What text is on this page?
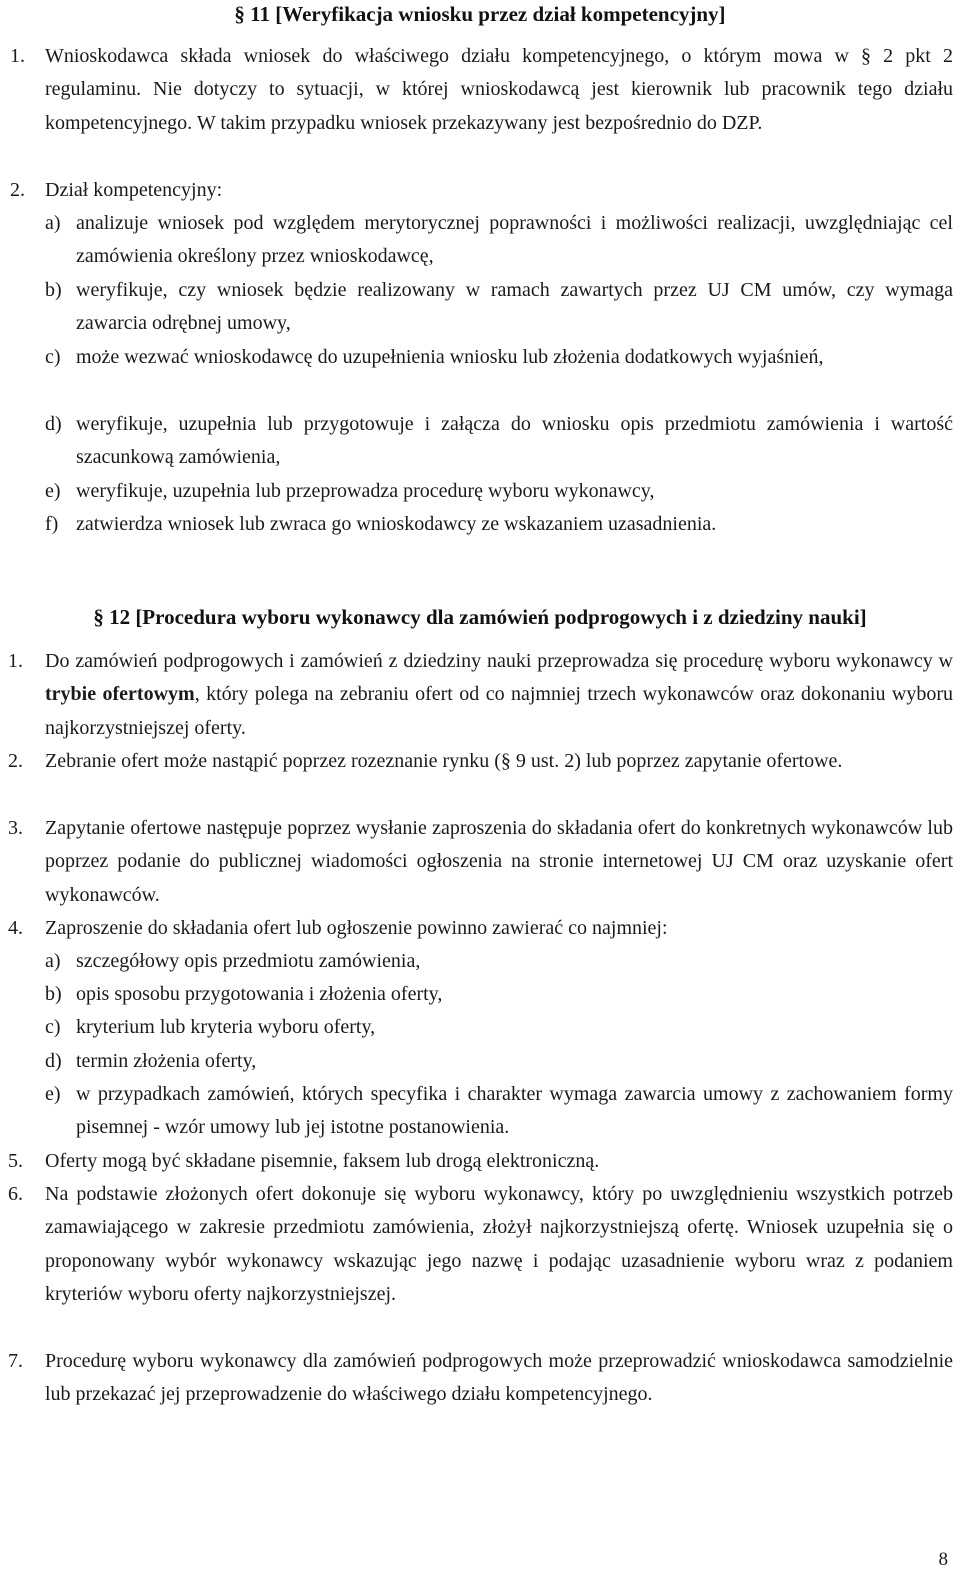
§ 11 [Weryfikacja wniosku przez dział kompetencyjny]
1.	Wnioskodawca składa wniosek do właściwego działu kompetencyjnego, o którym mowa w § 2 pkt 2 regulaminu. Nie dotyczy to sytuacji, w której wnioskodawcą jest kierownik lub pracownik tego działu kompetencyjnego. W takim przypadku wniosek przekazywany jest bezpośrednio do DZP.
2.	Dział kompetencyjny:
a) analizuje wniosek pod względem merytorycznej poprawności i możliwości realizacji, uwzględniając cel zamówienia określony przez wnioskodawcę,
b) weryfikuje, czy wniosek będzie realizowany w ramach zawartych przez UJ CM umów, czy wymaga zawarcia odrębnej umowy,
c) może wezwać wnioskodawcę do uzupełnienia wniosku lub złożenia dodatkowych wyjaśnień,
d) weryfikuje, uzupełnia lub przygotowuje i załącza do wniosku opis przedmiotu zamówienia i wartość szacunkową zamówienia,
e) weryfikuje, uzupełnia lub przeprowadza procedurę wyboru wykonawcy,
f) zatwierdza wniosek lub zwraca go wnioskodawcy ze wskazaniem uzasadnienia.
§ 12 [Procedura wyboru wykonawcy dla zamówień podprogowych i z dziedziny nauki]
1.	Do zamówień podprogowych i zamówień z dziedziny nauki przeprowadza się procedurę wyboru wykonawcy w trybie ofertowym, który polega na zebraniu ofert od co najmniej trzech wykonawców oraz dokonaniu wyboru najkorzystniejszej oferty.
2.	Zebranie ofert może nastąpić poprzez rozeznanie rynku (§ 9 ust. 2) lub poprzez zapytanie ofertowe.
3.	Zapytanie ofertowe następuje poprzez wysłanie zaproszenia do składania ofert do konkretnych wykonawców lub poprzez podanie do publicznej wiadomości ogłoszenia na stronie internetowej UJ CM oraz uzyskanie ofert wykonawców.
4.	Zaproszenie do składania ofert lub ogłoszenie powinno zawierać co najmniej:
a) szczegółowy opis przedmiotu zamówienia,
b) opis sposobu przygotowania i złożenia oferty,
c) kryterium lub kryteria wyboru oferty,
d) termin złożenia oferty,
e) w przypadkach zamówień, których specyfika i charakter wymaga zawarcia umowy z zachowaniem formy pisemnej - wzór umowy lub jej istotne postanowienia.
5.	Oferty mogą być składane pisemnie, faksem lub drogą elektroniczną.
6.	Na podstawie złożonych ofert dokonuje się wyboru wykonawcy, który po uwzględnieniu wszystkich potrzeb zamawiającego w zakresie przedmiotu zamówienia, złożył najkorzystniejszą ofertę. Wniosek uzupełnia się o proponowany wybór wykonawcy wskazując jego nazwę i podając uzasadnienie wyboru wraz z podaniem kryteriów wyboru oferty najkorzystniejszej.
7.	Procedurę wyboru wykonawcy dla zamówień podprogowych może przeprowadzić wnioskodawca samodzielnie lub przekazać jej przeprowadzenie do właściwego działu kompetencyjnego.
8
